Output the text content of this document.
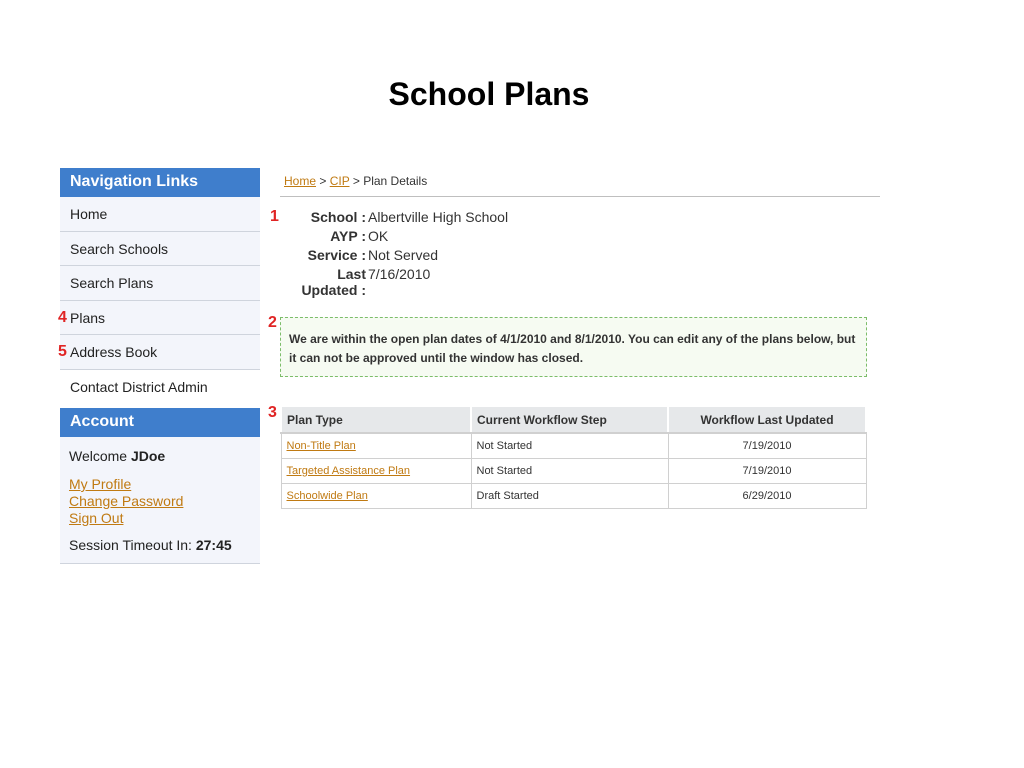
School Plans
Navigation Links
Home
Search Schools
Search Plans
4 Plans
5 Address Book
Contact District Admin
Account
Welcome JDoe
My Profile
Change Password
Sign Out
Session Timeout In: 27:45
Home > CIP > Plan Details
1	School : Albertville High School
AYP : OK
Service : Not Served
Last Updated :
7/16/2010
2
We are within the open plan dates of 4/1/2010 and 8/1/2010. You can edit any of the plans below, but it can not be approved until the window has closed.
3 Plan Type	Current Workflow Step	Workflow Last Updated
Non-Title Plan	Not Started	7/19/2010
Targeted Assistance Plan	Not Started	7/19/2010
Schoolwide Plan	Draft Started	6/29/2010
